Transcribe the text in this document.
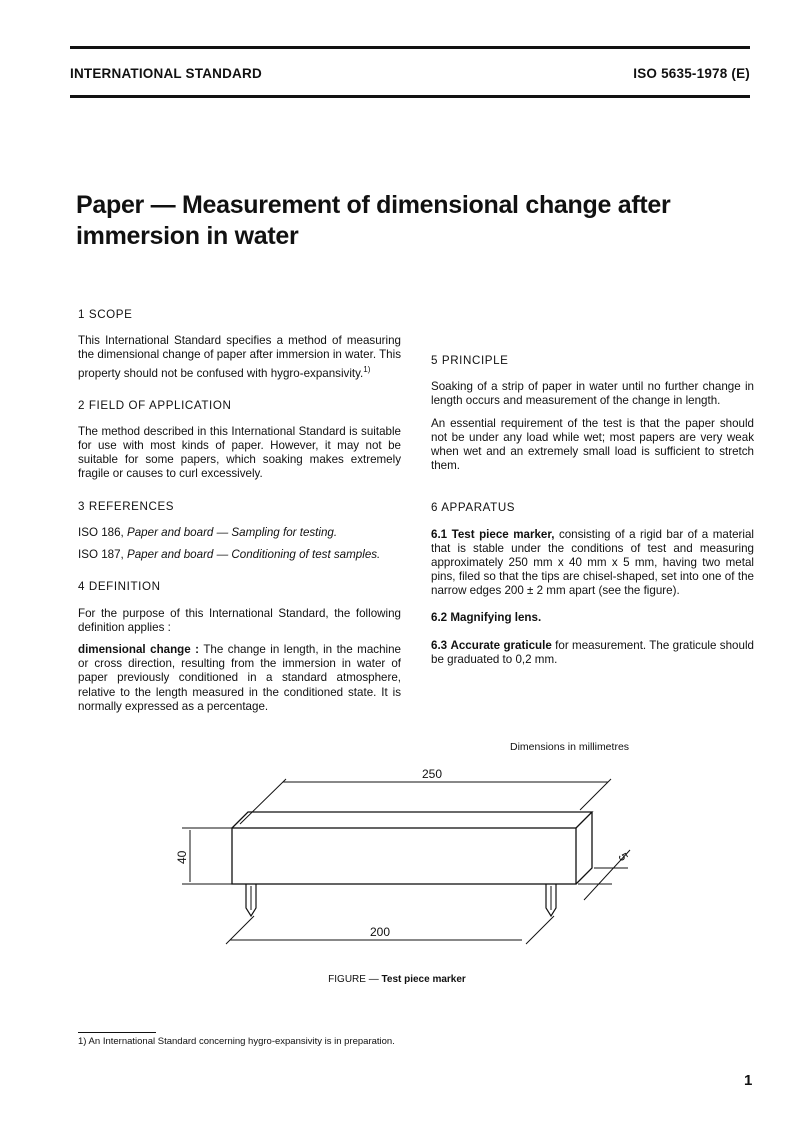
INTERNATIONAL STANDARD	ISO 5635-1978 (E)
Paper — Measurement of dimensional change after immersion in water
1 SCOPE

This International Standard specifies a method of measuring the dimensional change of paper after immersion in water. This property should not be confused with hygro-expansivity.$^{1)}$

2 FIELD OF APPLICATION

The method described in this International Standard is suitable for use with most kinds of paper. However, it may not be suitable for some papers, which soaking makes extremely fragile or causes to curl excessively.

3 REFERENCES

ISO 186, Paper and board — Sampling for testing.

ISO 187, Paper and board — Conditioning of test samples.

4 DEFINITION

For the purpose of this International Standard, the following definition applies :

dimensional change : The change in length, in the machine or cross direction, resulting from the immersion in water of paper previously conditioned in a standard atmosphere, relative to the length measured in the conditioned state. It is normally expressed as a percentage.

5 PRINCIPLE

Soaking of a strip of paper in water until no further change in length occurs and measurement of the change in length.

An essential requirement of the test is that the paper should not be under any load while wet; most papers are very weak when wet and an extremely small load is sufficient to stretch them.

6 APPARATUS

6.1 Test piece marker, consisting of a rigid bar of a material that is stable under the conditions of test and measuring approximately 250 mm x 40 mm x 5 mm, having two metal pins, filed so that the tips are chisel-shaped, set into one of the narrow edges 200 ± 2 mm apart (see the figure).

6.2 Magnifying lens.

6.3 Accurate graticule for measurement. The graticule should be graduated to 0,2 mm.

Dimensions in millimetres
250
40	5
200
FIGURE — Test piece marker
1) An International Standard concerning hygro-expansivity is in preparation.
1
